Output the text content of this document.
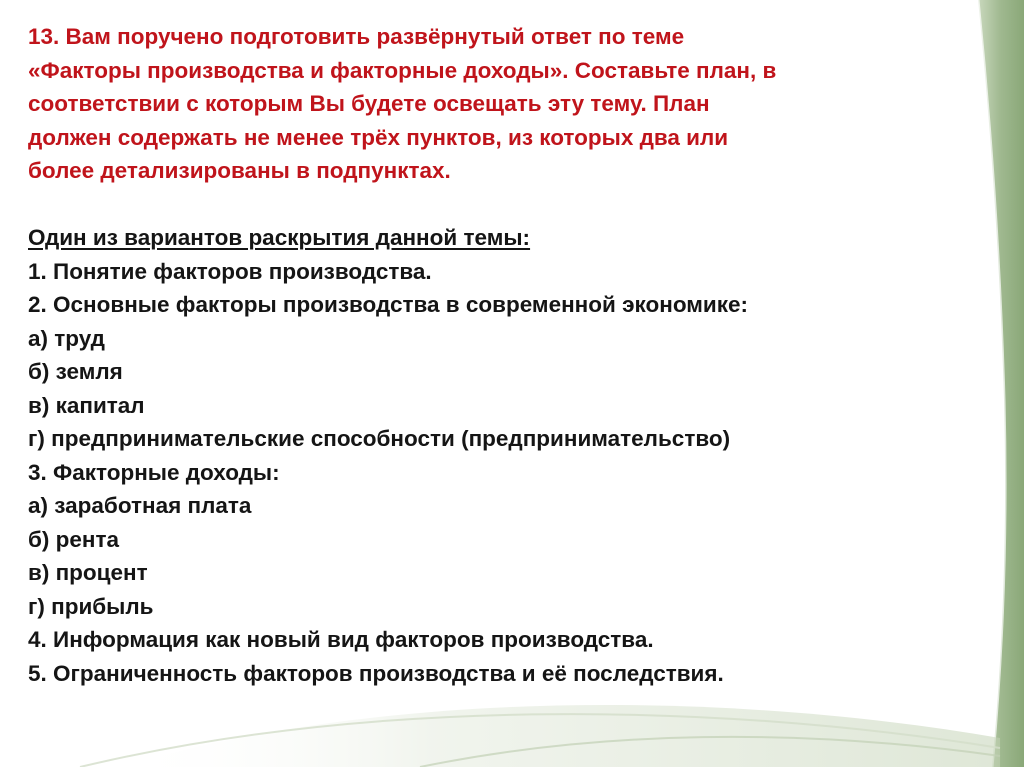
13. Вам поручено подготовить развёрнутый ответ по теме
«Факторы производства и факторные доходы». Составьте план, в
соответствии с которым Вы будете освещать эту тему. План
должен содержать не менее трёх пунктов, из которых два или
более детализированы в подпунктах.
Один из вариантов раскрытия данной темы:
1. Понятие факторов производства.
2. Основные факторы производства в современной экономике:
а) труд
б) земля
в) капитал
г) предпринимательские способности (предпринимательство)
3. Факторные доходы:
а) заработная плата
б) рента
в) процент
г) прибыль
4. Информация как новый вид факторов производства.
5. Ограниченность факторов производства и её последствия.
